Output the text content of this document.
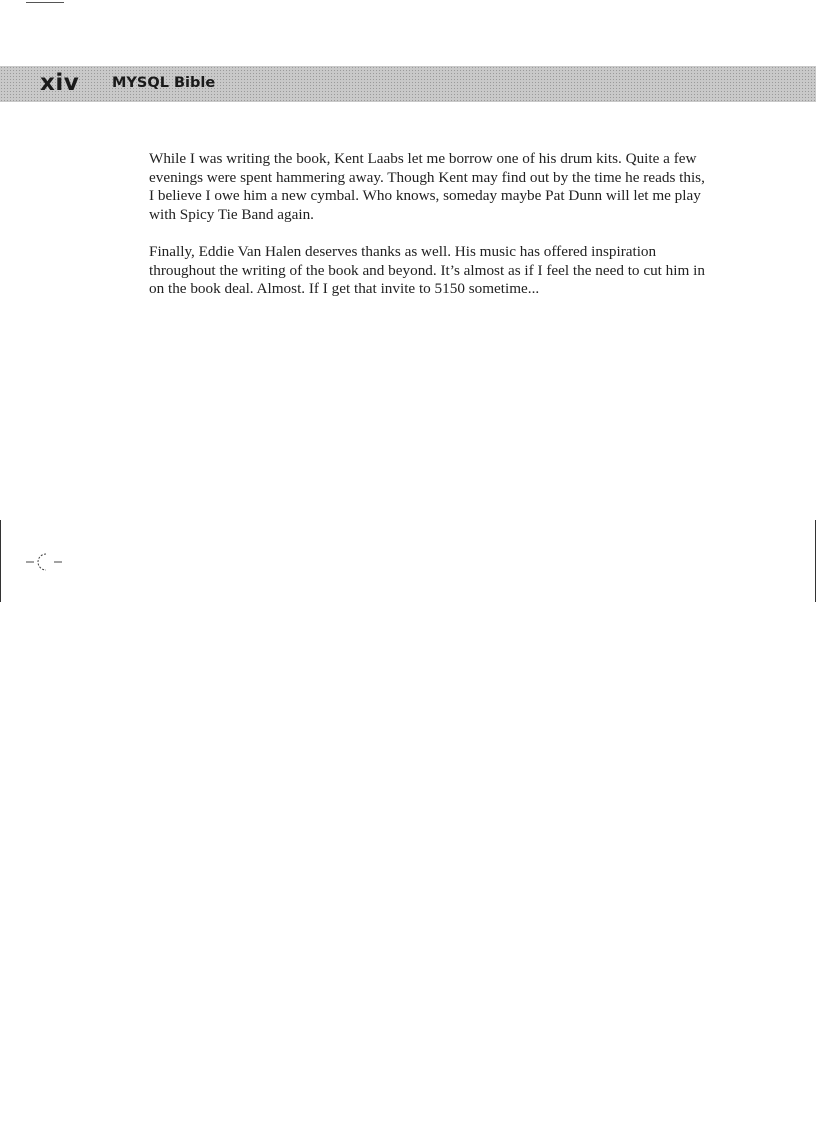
xiv MYSQL Bible

While I was writing the book, Kent Laabs let me borrow one of his drum kits. Quite a few evenings were spent hammering away. Though Kent may find out by the time he reads this, I believe I owe him a new cymbal. Who knows, someday maybe Pat Dunn will let me play with Spicy Tie Band again.

Finally, Eddie Van Halen deserves thanks as well. His music has offered inspiration throughout the writing of the book and beyond. It’s almost as if I feel the need to cut him in on the book deal. Almost. If I get that invite to 5150 sometime...
